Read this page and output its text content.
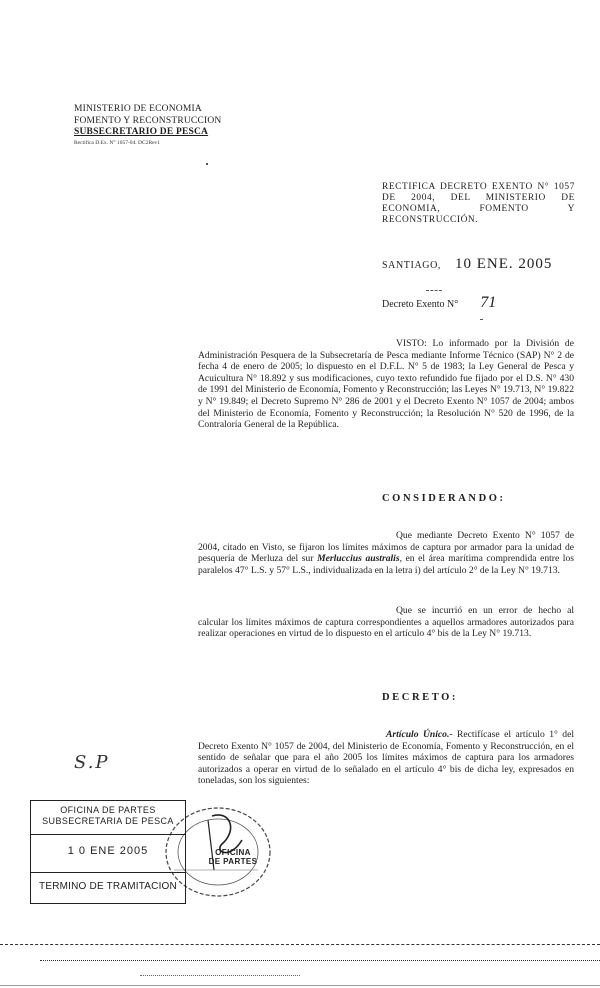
MINISTERIO DE ECONOMIA
FOMENTO Y RECONSTRUCCION
SUBSECRETARIO DE PESCA
Rectifica D.Ex. N° 1057-04. DC2Rev1
RECTIFICA DECRETO EXENTO N° 1057 DE 2004, DEL MINISTERIO DE ECONOMIA, FOMENTO Y RECONSTRUCCIÓN.
SANTIAGO, 10 ENE. 2005
Decreto Exento N° 71
VISTO: Lo informado por la División de Administración Pesquera de la Subsecretaría de Pesca mediante Informe Técnico (SAP) N° 2 de fecha 4 de enero de 2005; lo dispuesto en el D.F.L. N° 5 de 1983; la Ley General de Pesca y Acuicultura N° 18.892 y sus modificaciones, cuyo texto refundido fue fijado por el D.S. N° 430 de 1991 del Ministerio de Economía, Fomento y Reconstrucción; las Leyes N° 19.713, N° 19.822 y N° 19.849; el Decreto Supremo N° 286 de 2001 y el Decreto Exento N° 1057 de 2004; ambos del Ministerio de Economía, Fomento y Reconstrucción; la Resolución N° 520 de 1996, de la Contraloría General de la República.
CONSIDERANDO:
Que mediante Decreto Exento N° 1057 de 2004, citado en Visto, se fijaron los límites máximos de captura por armador para la unidad de pesquería de Merluza del sur Merluccius australis, en el área marítima comprendida entre los paralelos 47° L.S. y 57° L.S., individualizada en la letra i) del artículo 2° de la Ley N° 19.713.
Que se incurrió en un error de hecho al calcular los límites máximos de captura correspondientes a aquellos armadores autorizados para realizar operaciones en virtud de lo dispuesto en el artículo 4° bis de la Ley N° 19.713.
DECRETO:
Artículo Único.- Rectifícase el artículo 1° del Decreto Exento N° 1057 de 2004, del Ministerio de Economía, Fomento y Reconstrucción, en el sentido de señalar que para el año 2005 los límites máximos de captura para los armadores autorizados a operar en virtud de lo señalado en el artículo 4° bis de dicha ley, expresados en toneladas, son los siguientes:
S.P
OFICINA
DE PARTES
OFICINA DE PARTES
SUBSECRETARIA DE PESCA
1 0 ENE 2005
TERMINO DE TRAMITACION
